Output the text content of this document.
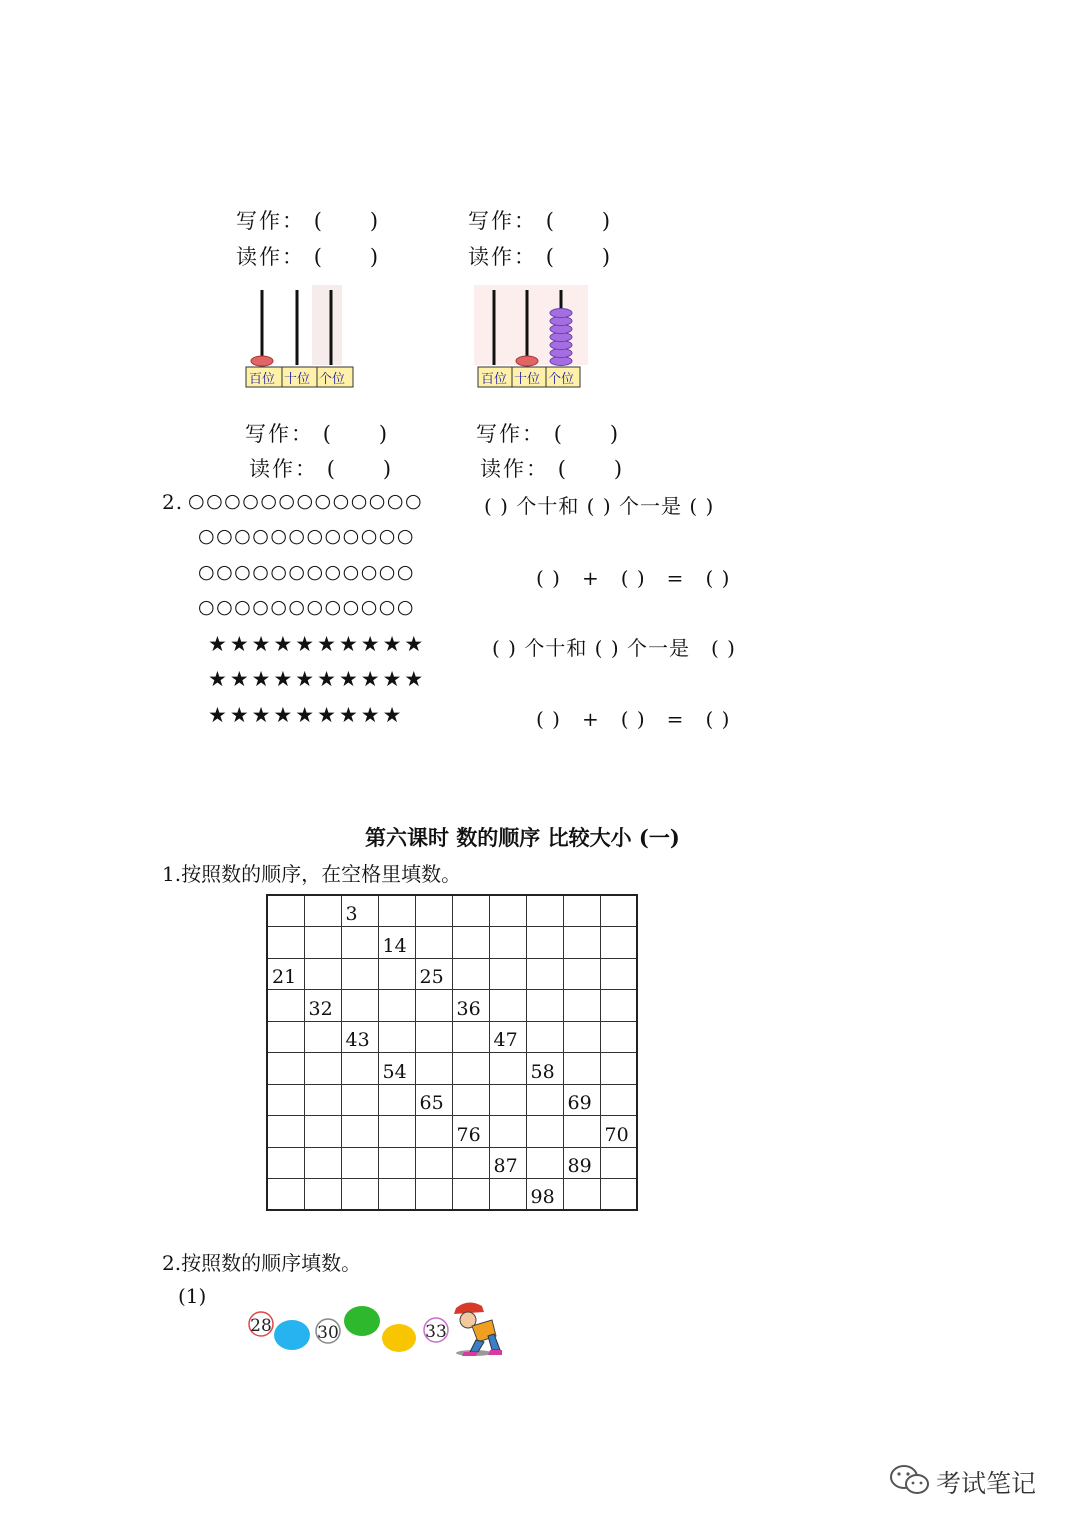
写作： (　　)
读作： (　　)
写作： (　　)
读作： (　　)
百位 十位 个位	百位 十位 个位
写作： (　　)
读作： (　　)
写作： (　　)
读作： (　　)
2. ○○○○○○○○○○○○○
○○○○○○○○○○○○
○○○○○○○○○○○○
○○○○○○○○○○○○
( ) 个十和 ( ) 个一是 ( )
( )　+　( )　=　( )
★★★★★★★★★★
★★★★★★★★★★
★★★★★★★★★
( ) 个十和 ( ) 个一是　( )
( )　+　( )　=　( )
第六课时 数的顺序 比较大小 (一)
1.按照数的顺序，在空格里填数。
		3							
			14						
21				25					
	32				36				
		43				47			
			54				58		
				65				69	
					76				70
						87		89	
							98		
2.按照数的顺序填数。
(1)
28	30	33
考试笔记
